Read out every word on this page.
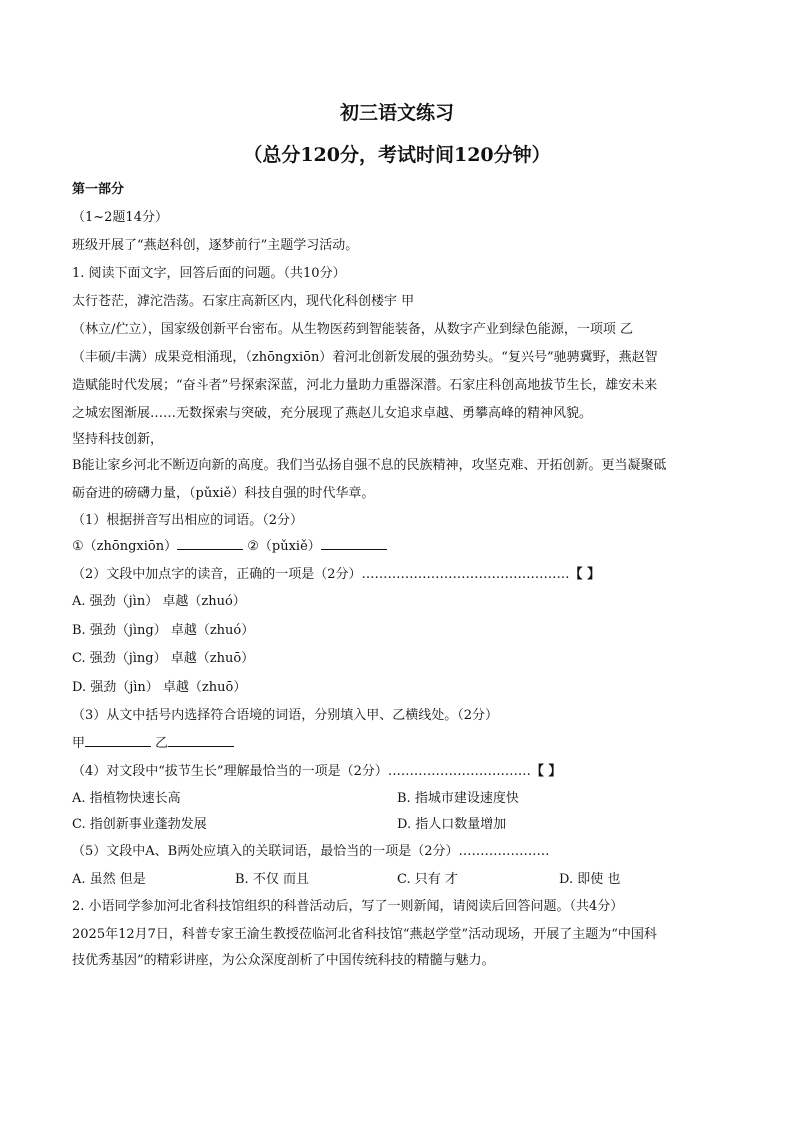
初三语文练习
（总分120分，考试时间120分钟）
第一部分
（1~2题14分）
班级开展了“燕赵科创，逐梦前行”主题学习活动。
1. 阅读下面文字，回答后面的问题。（共10分）
太行苍茫，滹沱浩荡。石家庄高新区内，现代化科创楼宇 甲
（林立/伫立），国家级创新平台密布。从生物医药到智能装备，从数字产业到绿色能源，一项项 乙
（丰硕/丰满）成果竞相涌现，（zhōngxiōn）着河北创新发展的强劲势头。“复兴号”驰骋冀野，燕赵智
造赋能时代发展；“奋斗者”号探索深蓝，河北力量助力重器深潜。石家庄科创高地拔节生长，雄安未来
之城宏图渐展……无数探索与突破，充分展现了燕赵儿女追求卓越、勇攀高峰的精神风貌。
坚持科技创新，
B能让家乡河北不断迈向新的高度。我们当弘扬自强不息的民族精神，攻坚克难、开拓创新。更当凝聚砥
砺奋进的磅礴力量，（pǔxiě）科技自强的时代华章。
（1）根据拼音写出相应的词语。（2分）
①（zhōngxiōn）	②（pǔxiě）
（2）文段中加点字的读音，正确的一项是（2分）…………………………………………【 】
A. 强劲（jìn） 卓越（zhuó）
B. 强劲（jìng） 卓越（zhuó）
C. 强劲（jìng） 卓越（zhuō）
D. 强劲（jìn） 卓越（zhuō）
（3）从文中括号内选择符合语境的词语，分别填入甲、乙横线处。（2分）
甲	乙
（4）对文段中“拔节生长”理解最恰当的一项是（2分）……………………………【 】
A. 指植物快速长高	B. 指城市建设速度快
C. 指创新事业蓬勃发展	D. 指人口数量增加
（5）文段中A、B两处应填入的关联词语，最恰当的一项是（2分）…………………
A. 虽然 但是	B. 不仅 而且	C. 只有 才	D. 即使 也
2. 小语同学参加河北省科技馆组织的科普活动后，写了一则新闻，请阅读后回答问题。（共4分）
2025年12月7日，科普专家王渝生教授莅临河北省科技馆“燕赵学堂”活动现场，开展了主题为“中国科
技优秀基因”的精彩讲座，为公众深度剖析了中国传统科技的精髓与魅力。
